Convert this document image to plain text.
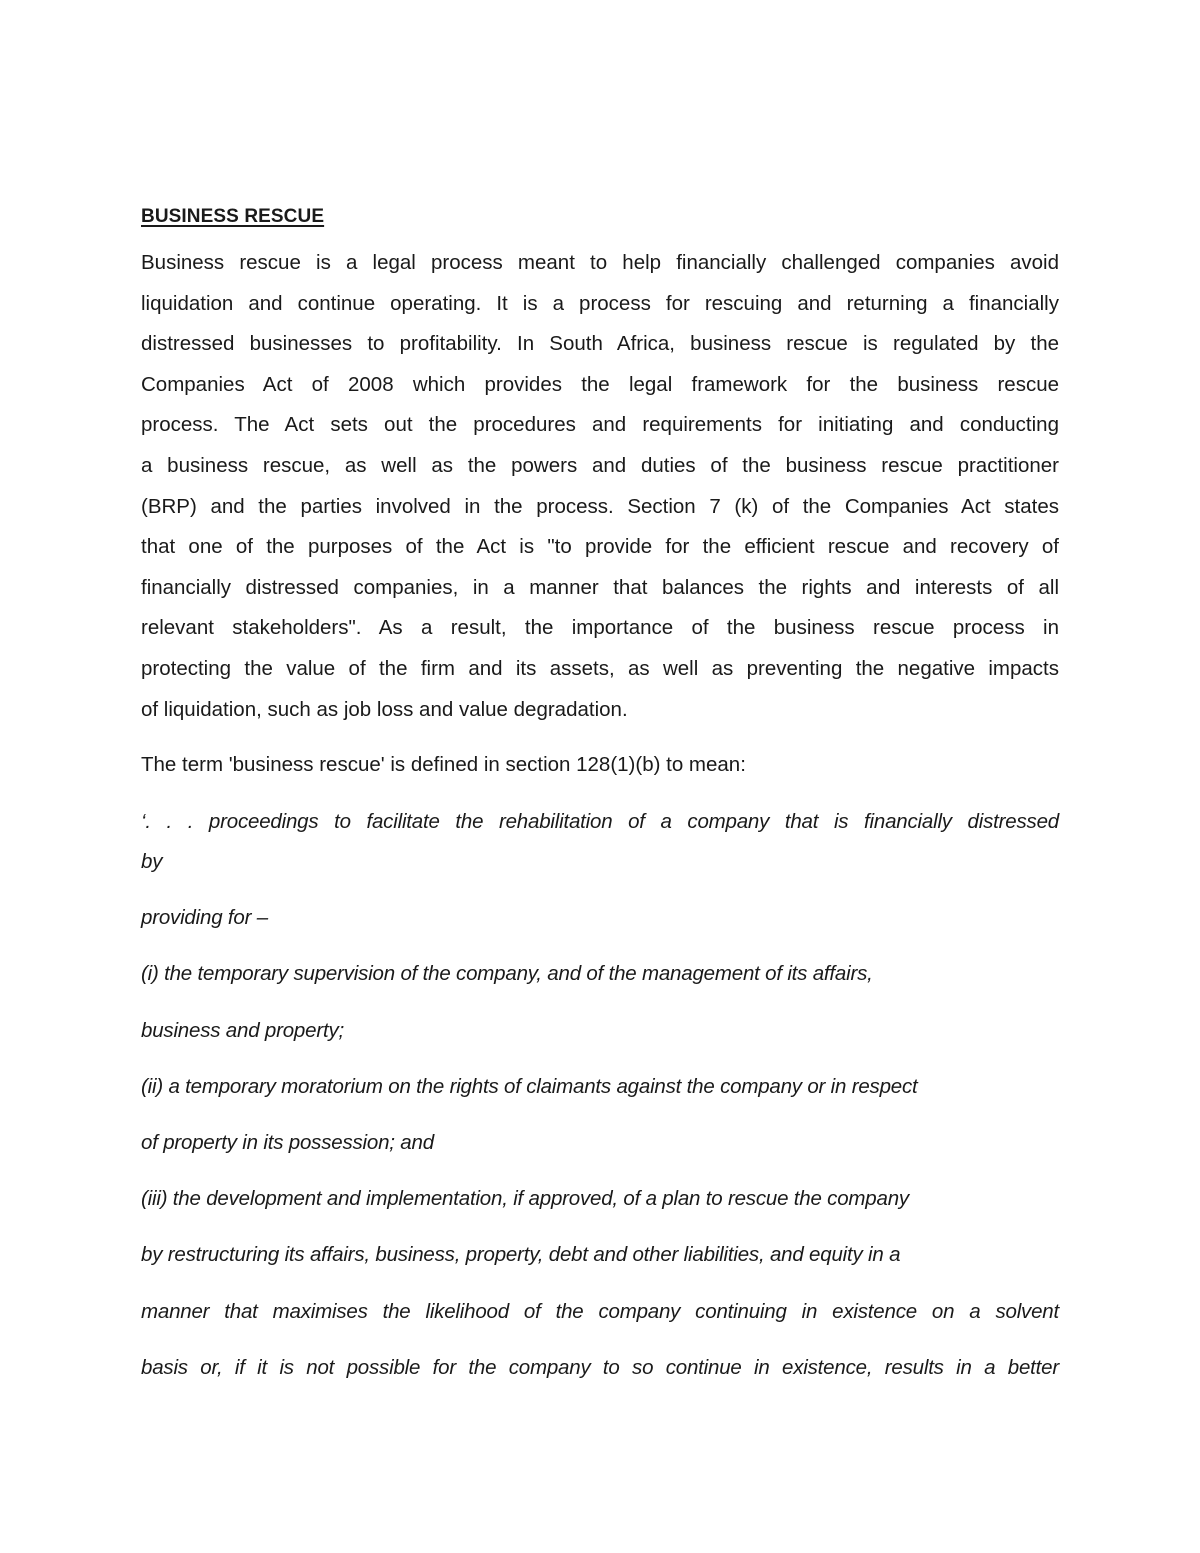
BUSINESS RESCUE
Business rescue is a legal process meant to help financially challenged companies avoid
liquidation and continue operating. It is a process for rescuing and returning a financially
distressed businesses to profitability. In South Africa, business rescue is regulated by the
Companies Act of 2008 which provides the legal framework for the business rescue
process. The Act sets out the procedures and requirements for initiating and conducting
a business rescue, as well as the powers and duties of the business rescue practitioner
(BRP) and the parties involved in the process. Section 7 (k) of the Companies Act states
that one of the purposes of the Act is "to provide for the efficient rescue and recovery of
financially distressed companies, in a manner that balances the rights and interests of all
relevant stakeholders". As a result, the importance of the business rescue process in
protecting the value of the firm and its assets, as well as preventing the negative impacts
of liquidation, such as job loss and value degradation.
The term 'business rescue' is defined in section 128(1)(b) to mean:
‘. . . proceedings to facilitate the rehabilitation of a company that is financially distressed
by
providing for –
(i) the temporary supervision of the company, and of the management of its affairs,
business and property;
(ii) a temporary moratorium on the rights of claimants against the company or in respect
of property in its possession; and
(iii) the development and implementation, if approved, of a plan to rescue the company
by restructuring its affairs, business, property, debt and other liabilities, and equity in a
manner that maximises the likelihood of the company continuing in existence on a solvent
basis or, if it is not possible for the company to so continue in existence, results in a better
